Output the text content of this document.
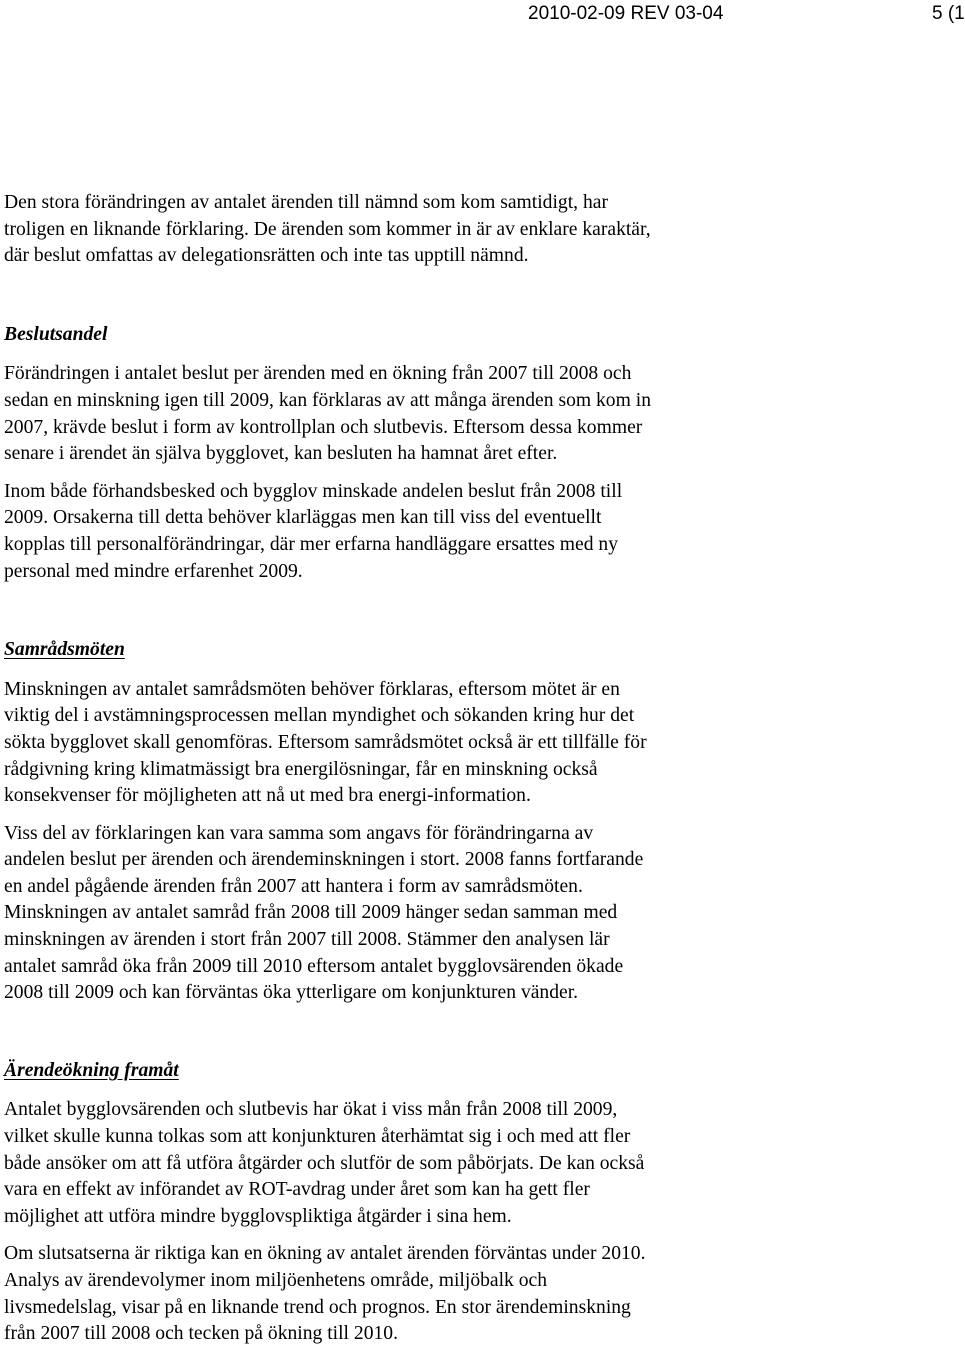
2010-02-09 REV 03-04	5 (1

Den stora förändringen av antalet ärenden till nämnd som kom samtidigt, har
troligen en liknande förklaring. De ärenden som kommer in är av enklare karaktär,
där beslut omfattas av delegationsrätten och inte tas upptill nämnd.

Beslutsandel

Förändringen i antalet beslut per ärenden med en ökning från 2007 till 2008 och
sedan en minskning igen till 2009, kan förklaras av att många ärenden som kom in
2007, krävde beslut i form av kontrollplan och slutbevis. Eftersom dessa kommer
senare i ärendet än själva bygglovet, kan besluten ha hamnat året efter.

Inom både förhandsbesked och bygglov minskade andelen beslut från 2008 till
2009. Orsakerna till detta behöver klarläggas men kan till viss del eventuellt
kopplas till personalförändringar, där mer erfarna handläggare ersattes med ny
personal med mindre erfarenhet 2009.

Samrådsmöten

Minskningen av antalet samrådsmöten behöver förklaras, eftersom mötet är en
viktig del i avstämningsprocessen mellan myndighet och sökanden kring hur det
sökta bygglovet skall genomföras. Eftersom samrådsmötet också är ett tillfälle för
rådgivning kring klimatmässigt bra energilösningar, får en minskning också
konsekvenser för möjligheten att nå ut med bra energi-information.

Viss del av förklaringen kan vara samma som angavs för förändringarna av
andelen beslut per ärenden och ärendeminskningen i stort. 2008 fanns fortfarande
en andel pågående ärenden från 2007 att hantera i form av samrådsmöten.
Minskningen av antalet samråd från 2008 till 2009 hänger sedan samman med
minskningen av ärenden i stort från 2007 till 2008. Stämmer den analysen lär
antalet samråd öka från 2009 till 2010 eftersom antalet bygglovsärenden ökade
2008 till 2009 och kan förväntas öka ytterligare om konjunkturen vänder.

Ärendeökning framåt

Antalet bygglovsärenden och slutbevis har ökat i viss mån från 2008 till 2009,
vilket skulle kunna tolkas som att konjunkturen återhämtat sig i och med att fler
både ansöker om att få utföra åtgärder och slutför de som påbörjats. De kan också
vara en effekt av införandet av ROT-avdrag under året som kan ha gett fler
möjlighet att utföra mindre bygglovspliktiga åtgärder i sina hem.

Om slutsatserna är riktiga kan en ökning av antalet ärenden förväntas under 2010.
Analys av ärendevolymer inom miljöenhetens område, miljöbalk och
livsmedelslag, visar på en liknande trend och prognos. En stor ärendeminskning
från 2007 till 2008 och tecken på ökning till 2010.
